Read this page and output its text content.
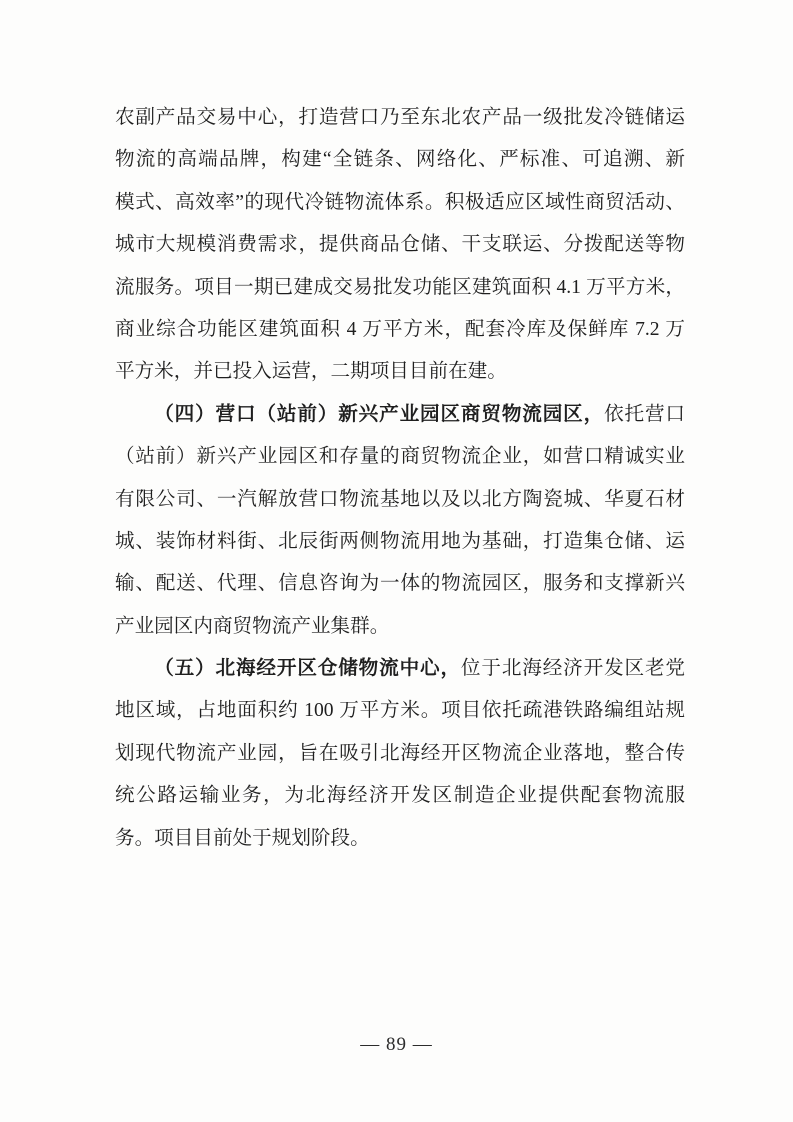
农副产品交易中心，打造营口乃至东北农产品一级批发冷链储运
物流的高端品牌，构建“全链条、网络化、严标准、可追溯、新
模式、高效率”的现代冷链物流体系。积极适应区域性商贸活动、
城市大规模消费需求，提供商品仓储、干支联运、分拨配送等物
流服务。项目一期已建成交易批发功能区建筑面积 4.1 万平方米，
商业综合功能区建筑面积 4 万平方米，配套冷库及保鲜库 7.2 万
平方米，并已投入运营，二期项目目前在建。
（四）营口（站前）新兴产业园区商贸物流园区，依托营口
（站前）新兴产业园区和存量的商贸物流企业，如营口精诚实业
有限公司、一汽解放营口物流基地以及以北方陶瓷城、华夏石材
城、装饰材料街、北辰街两侧物流用地为基础，打造集仓储、运
输、配送、代理、信息咨询为一体的物流园区，服务和支撑新兴
产业园区内商贸物流产业集群。
（五）北海经开区仓储物流中心，位于北海经济开发区老党
地区域，占地面积约 100 万平方米。项目依托疏港铁路编组站规
划现代物流产业园，旨在吸引北海经开区物流企业落地，整合传
统公路运输业务，为北海经济开发区制造企业提供配套物流服
务。项目目前处于规划阶段。
— 89 —
